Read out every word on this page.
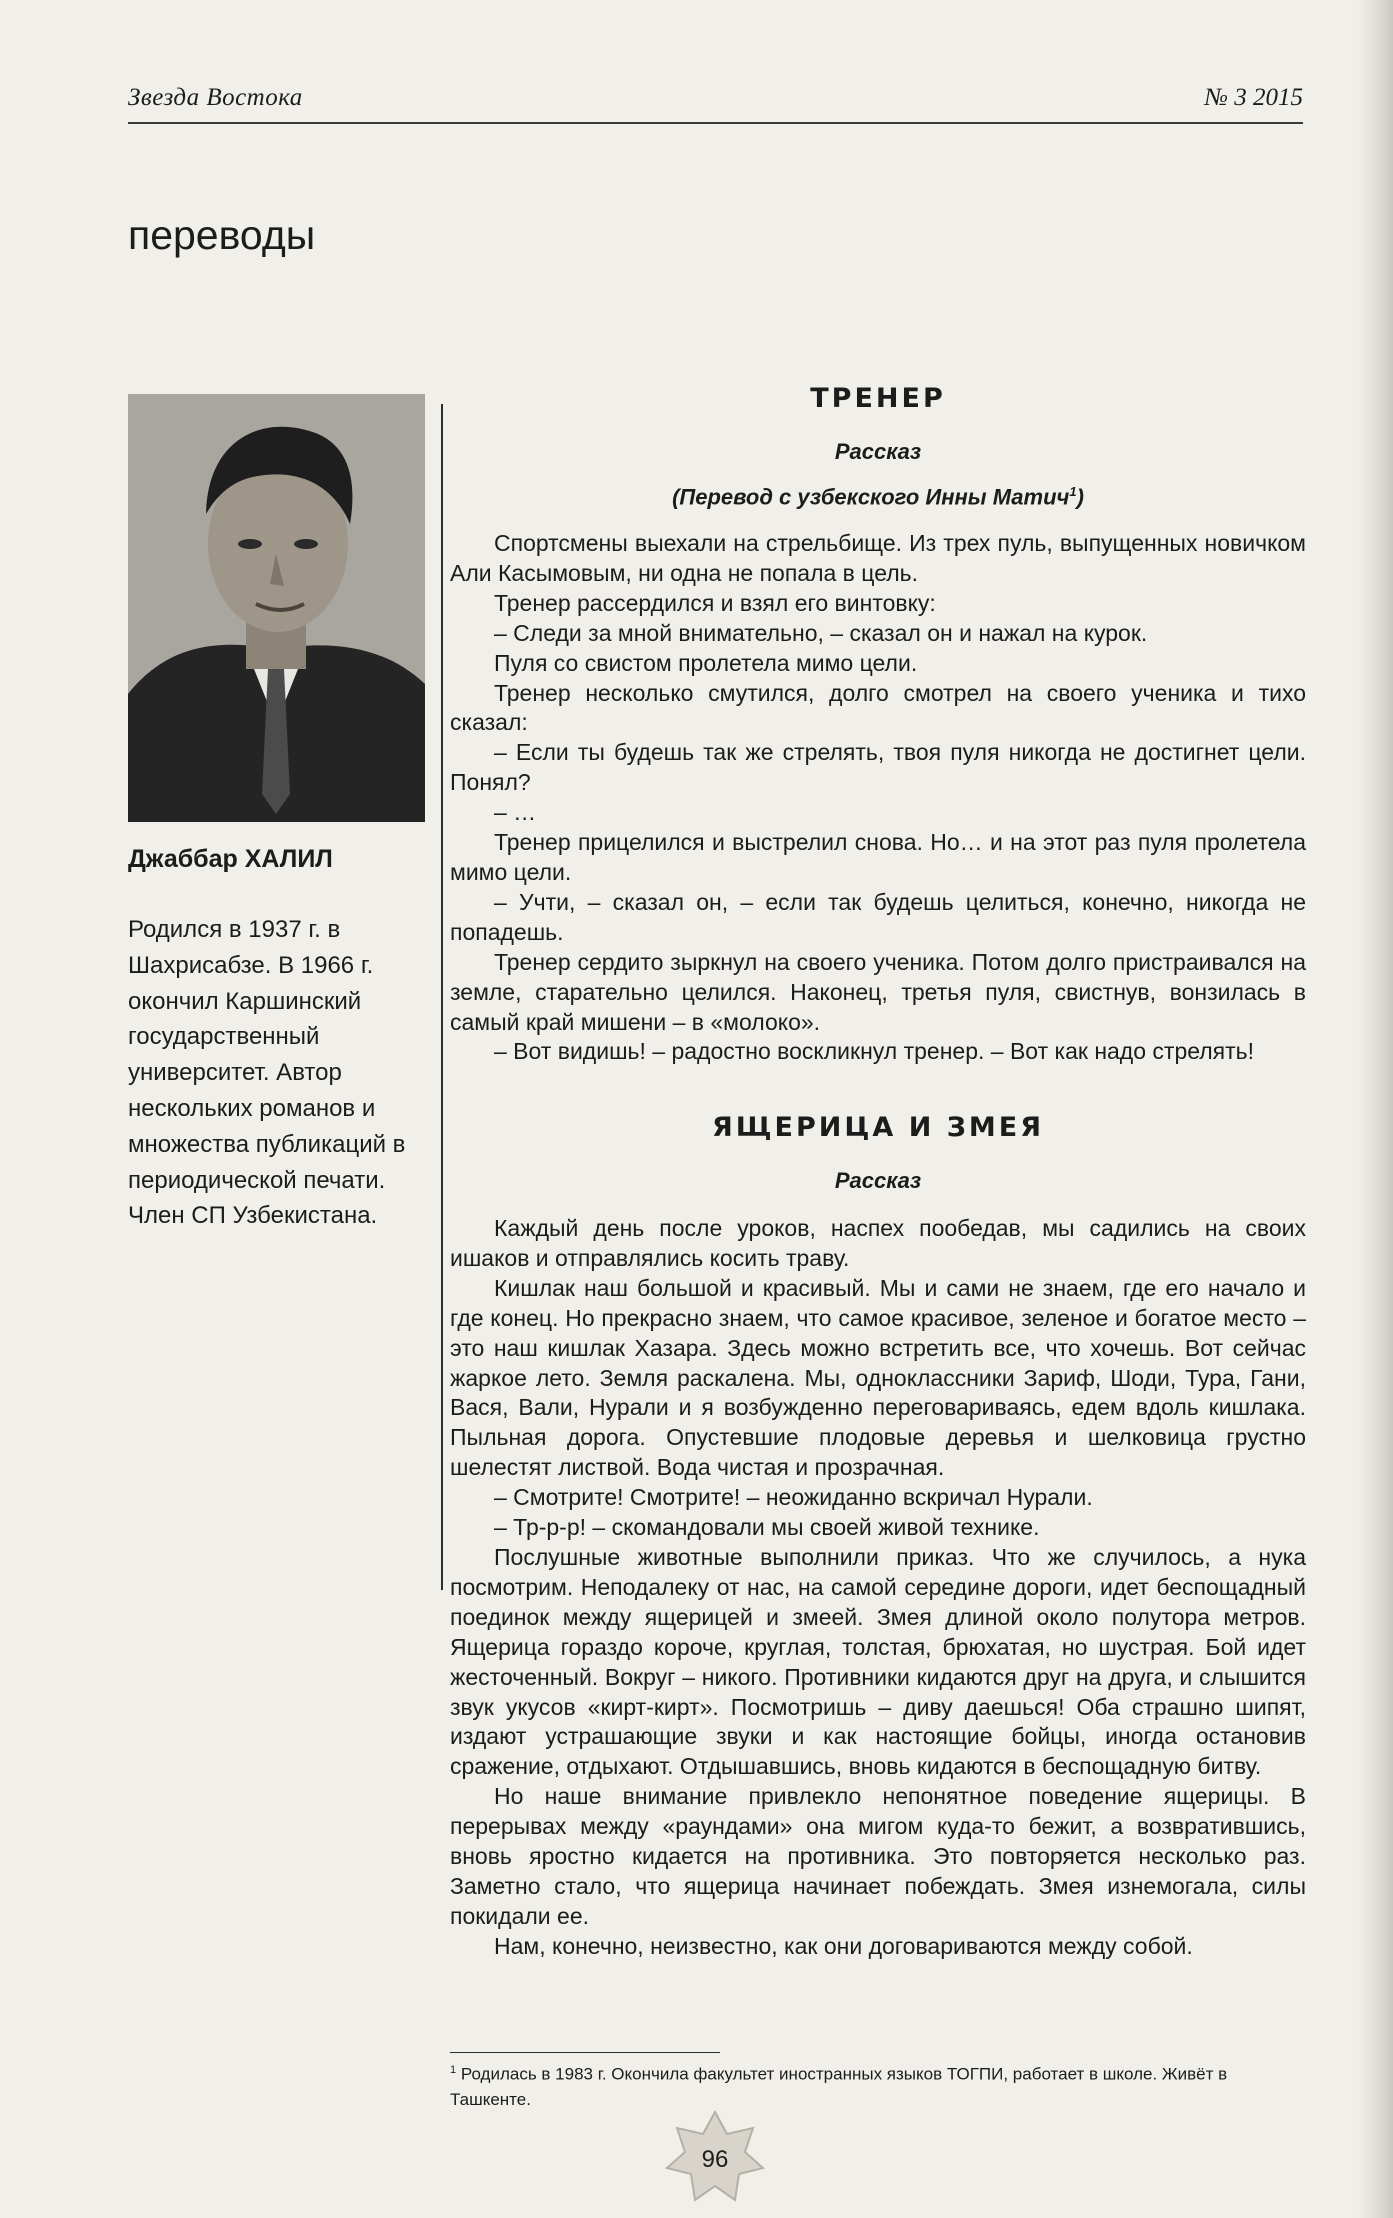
Звезда Востока	№ 3 2015
переводы
Джаббар ХАЛИЛ
Родился в 1937 г. в Шахрисабзе. В 1966 г. окончил Каршинский государственный университет. Автор нескольких романов и множества публикаций в периодической печати. Член СП Узбекистана.
ТРЕНЕР
Рассказ
(Перевод с узбекского Инны Матич$^1$)

Спортсмены выехали на стрельбище. Из трех пуль, выпущенных новичком Али Касымовым, ни одна не попала в цель.

Тренер рассердился и взял его винтовку:

– Следи за мной внимательно, – сказал он и нажал на курок.

Пуля со свистом пролетела мимо цели.

Тренер несколько смутился, долго смотрел на своего ученика и тихо сказал:

– Если ты будешь так же стрелять, твоя пуля никогда не достигнет цели. Понял?

– …

Тренер прицелился и выстрелил снова. Но… и на этот раз пуля пролетела мимо цели.

– Учти, – сказал он, – если так будешь целиться, конечно, никогда не попадешь.

Тренер сердито зыркнул на своего ученика. Потом долго пристраивался на земле, старательно целился. Наконец, третья пуля, свистнув, вонзилась в самый край мишени – в «молоко».

– Вот видишь! – радостно воскликнул тренер. – Вот как надо стрелять!

ЯЩЕРИЦА И ЗМЕЯ
Рассказ

Каждый день после уроков, наспех пообедав, мы садились на своих ишаков и отправлялись косить траву.

Кишлак наш большой и красивый. Мы и сами не знаем, где его начало и где конец. Но прекрасно знаем, что самое красивое, зеленое и богатое место – это наш кишлак Хазара. Здесь можно встретить все, что хочешь. Вот сейчас жаркое лето. Земля раскалена. Мы, одноклассники Зариф, Шоди, Тура, Гани, Вася, Вали, Нурали и я возбужденно переговариваясь, едем вдоль кишлака. Пыльная дорога. Опустевшие плодовые деревья и шелковица грустно шелестят листвой. Вода чистая и прозрачная.

– Смотрите! Смотрите! – неожиданно вскричал Нурали.

– Тр-р-р! – скомандовали мы своей живой технике.

Послушные животные выполнили приказ. Что же случилось, а нука посмотрим. Неподалеку от нас, на самой середине дороги, идет беспощадный поединок между ящерицей и змеей. Змея длиной около полутора метров. Ящерица гораздо короче, круглая, толстая, брюхатая, но шустрая. Бой идет жесточенный. Вокруг – никого. Противники кидаются друг на друга, и слышится звук укусов «кирт-кирт». Посмотришь – диву даешься! Оба страшно шипят, издают устрашающие звуки и как настоящие бойцы, иногда остановив сражение, отдыхают. Отдышавшись, вновь кидаются в беспощадную битву.

Но наше внимание привлекло непонятное поведение ящерицы. В перерывах между «раундами» она мигом куда-то бежит, а возвратившись, вновь яростно кидается на противника. Это повторяется несколько раз. Заметно стало, что ящерица начинает побеждать. Змея изнемогала, силы покидали ее.

Нам, конечно, неизвестно, как они договариваются между собой.

$^1$ Родилась в 1983 г. Окончила факультет иностранных языков ТОГПИ, работает в школе. Живёт в Ташкенте.
96
